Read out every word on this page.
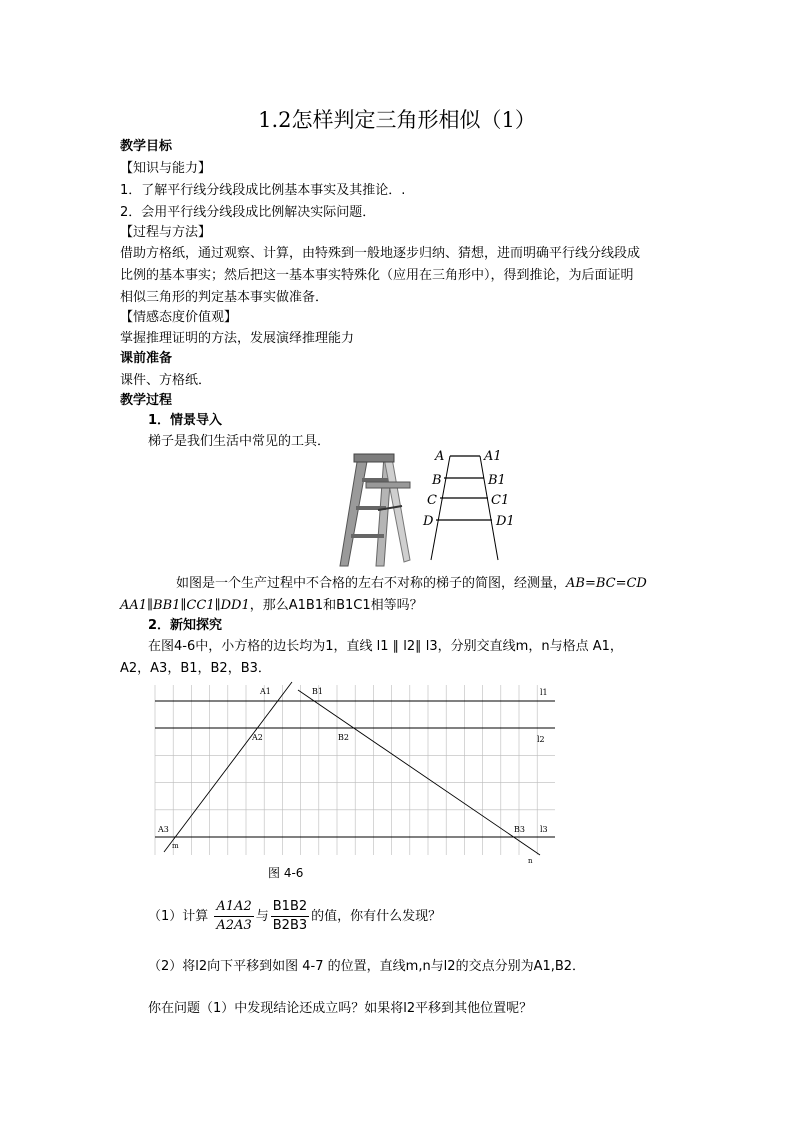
1.2怎样判定三角形相似（1）
教学目标
【知识与能力】
1．了解平行线分线段成比例基本事实及其推论．.
2．会用平行线分线段成比例解决实际问题．
【过程与方法】
借助方格纸，通过观察、计算，由特殊到一般地逐步归纳、猜想，进而明确平行线分线段成
比例的基本事实；然后把这一基本事实特殊化（应用在三角形中），得到推论，为后面证明
相似三角形的判定基本事实做准备．
【情感态度价值观】
掌握推理证明的方法，发展演绎推理能力
课前准备
课件、方格纸．
教学过程
1．情景导入
梯子是我们生活中常见的工具．
A	A1
B	B1
C	C1
D	D1
如图是一个生产过程中不合格的左右不对称的梯子的简图，经测量，AB=BC=CD
AA1∥BB1∥CC1∥DD1，那么A1B1和B1C1相等吗？
2．新知探究
在图4-6中，小方格的边长均为1，直线 l1 ∥ l2∥ l3，分别交直线m，n与格点 A1，
A2，A3，B1，B2，B3．
A1	B1	l1
A2	B2	l2
A3	B3 l3
m
n
图 4-6
（1）计算 $\frac{A1A2}{A2A3}$ 与 $\frac{B1B2}{B2B3}$ 的值，你有什么发现？
（2）将l2向下平移到如图 4-7 的位置，直线m,n与l2的交点分别为A1,B2．
你在问题（1）中发现结论还成立吗？如果将l2平移到其他位置呢？
